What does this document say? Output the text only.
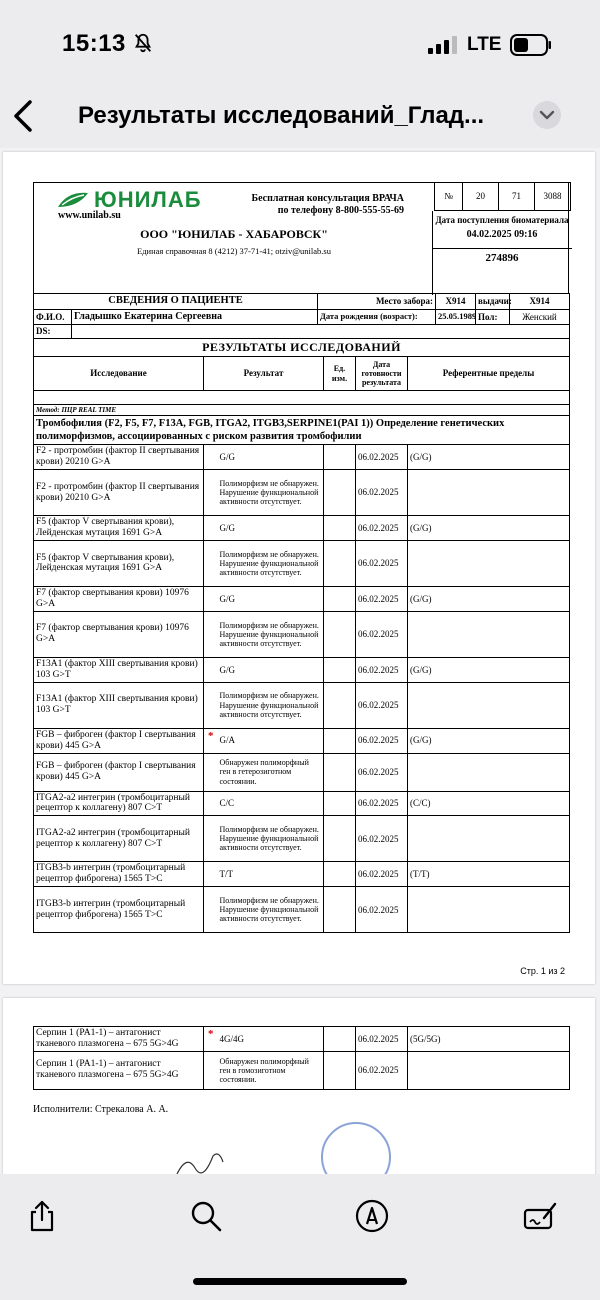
15:13	LTE
Результаты исследований_Глад...
ЮНИЛАБ
www.unilab.su
Бесплатная консультация ВРАЧА
по телефону 8-800-555-55-69
ООО "ЮНИЛАБ - ХАБАРОВСК"
Единая справочная 8 (4212) 37-71-41; otziv@unilab.su
№	20	71	3088
Дата поступления биоматериала
04.02.2025 09:16
274896
СВЕДЕНИЯ О ПАЦИЕНТЕ		Место забора:	X914	выдачи:	X914
Ф.И.О.	Гладышко Екатерина Сергеевна	Дата рождения (возраст):	25.05.1989	Пол:	Женский
DS:					
РЕЗУЛЬТАТЫ ИССЛЕДОВАНИЙ					
Исследование	Результат		Ед. изм.	Дата готовности результата	Референтные пределы

Метод: ПЦР REAL TIME					
Тромбофилия (F2, F5, F7, F13A, FGB, ITGA2, ITGB3,SERPINE1(PAI 1)) Определение генетических полиморфизмов, ассоциированных с риском развития тромбофилии					
F2 - протромбин (фактор II свертывания крови) 20210 G>A		G/G		06.02.2025	(G/G)
F2 - протромбин (фактор II свертывания крови) 20210 G>A		Полиморфизм не обнаружен. Нарушение функциональной активности отсутствует.		06.02.2025	
F5 (фактор V свертывания крови), Лейденская мутация 1691 G>A		G/G		06.02.2025	(G/G)
F5 (фактор V свертывания крови), Лейденская мутация 1691 G>A		Полиморфизм не обнаружен. Нарушение функциональной активности отсутствует.		06.02.2025	
F7 (фактор свертывания крови) 10976 G>A		G/G		06.02.2025	(G/G)
F7 (фактор свертывания крови) 10976 G>A		Полиморфизм не обнаружен. Нарушение функциональной активности отсутствует.		06.02.2025	
F13A1 (фактор XIII свертывания крови) 103 G>T		G/G		06.02.2025	(G/G)
F13A1 (фактор XIII свертывания крови) 103 G>T		Полиморфизм не обнаружен. Нарушение функциональной активности отсутствует.		06.02.2025	
FGB – фиброген (фактор I свертывания крови) 445 G>A	*	G/A		06.02.2025	(G/G)
FGB – фиброген (фактор I свертывания крови) 445 G>A		Обнаружен полиморфный ген в гетерозиготном состоянии.		06.02.2025	
ITGA2-a2 интегрин (тромбоцитарный рецептор к коллагену) 807 C>T		C/C		06.02.2025	(C/C)
ITGA2-a2 интегрин (тромбоцитарный рецептор к коллагену) 807 C>T		Полиморфизм не обнаружен. Нарушение функциональной активности отсутствует.		06.02.2025	
ITGB3-b интегрин (тромбоцитарный рецептор фиброгена) 1565 T>C		T/T		06.02.2025	(T/T)
ITGB3-b интегрин (тромбоцитарный рецептор фиброгена) 1565 T>C		Полиморфизм не обнаружен. Нарушение функциональной активности отсутствует.		06.02.2025	
Стр. 1 из 2
Серпин 1 (PA1-1) – антагонист тканевого плазмогена – 675 5G>4G	*	4G/4G		06.02.2025	(5G/5G)
Серпин 1 (PA1-1) – антагонист тканевого плазмогена – 675 5G>4G		Обнаружен полиморфный ген в гомозиготном состоянии.		06.02.2025	
Исполнители: Стрекалова А. А.
